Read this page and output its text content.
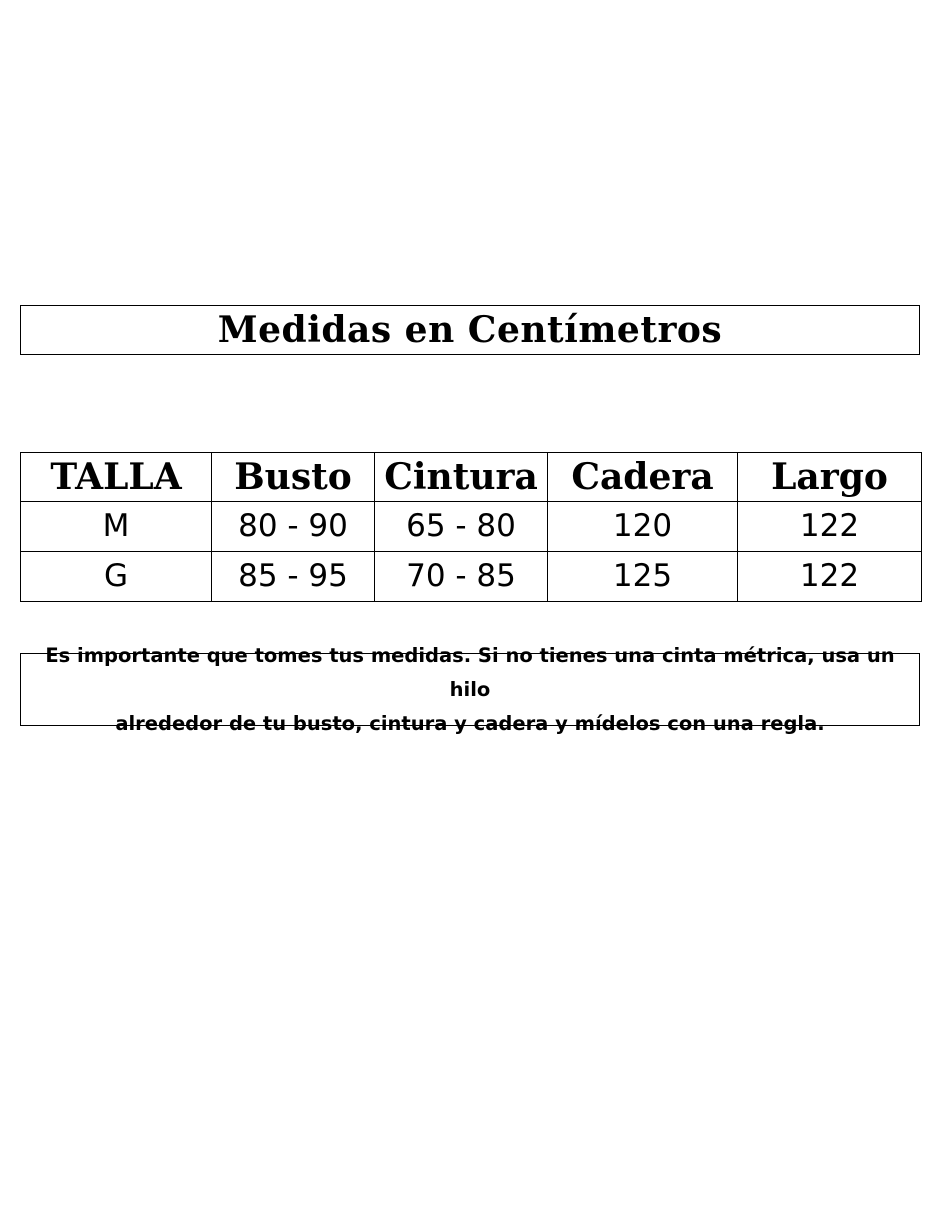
Medidas en Centímetros
TALLA	Busto	Cintura	Cadera	Largo
M	80 - 90	65 - 80	120	122
G	85 - 95	70 - 85	125	122
Es importante que tomes tus medidas. Si no tienes una cinta métrica, usa un hilo
alrededor de tu busto, cintura y cadera y mídelos con una regla.
